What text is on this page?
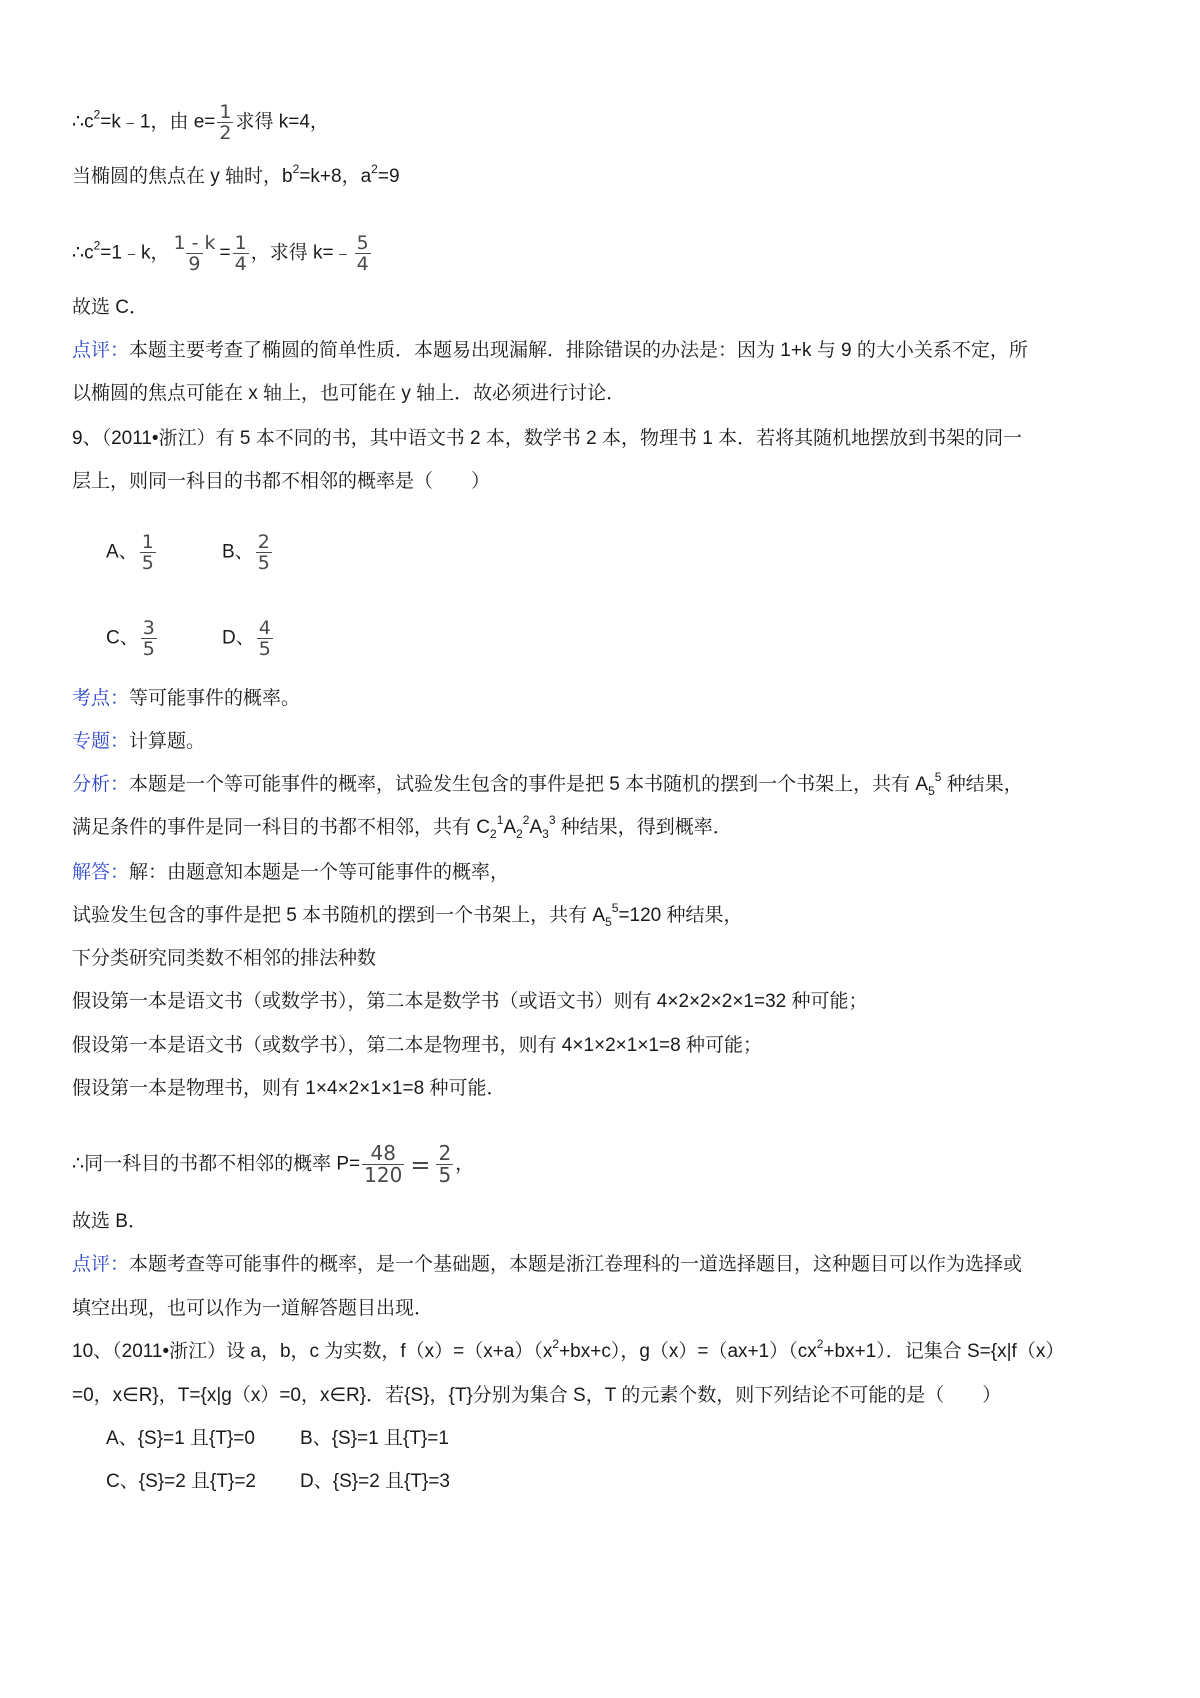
$\therefore c^2=k﹣1$，由 $e= \frac{1}{2}$ 求得 k=4，
当椭圆的焦点在 y 轴时，$b^2=k+8$，$a^2=9$
$\therefore c^2=1﹣k$， $\frac{1 - k}{9} = \frac{1}{4}$ ，求得 k=﹣ $\frac{5}{4}$
故选 C．
点评：本题主要考查了椭圆的简单性质．本题易出现漏解．排除错误的办法是：因为 1+k 与 9 的大小关系不定，所
以椭圆的焦点可能在 x 轴上，也可能在 y 轴上．故必须进行讨论．
9、（2011•浙江）有 5 本不同的书，其中语文书 2 本，数学书 2 本，物理书 1 本．若将其随机地摆放到书架的同一
层上，则同一科目的书都不相邻的概率是（　　）
A、 $\frac{1}{5}$	B、 $\frac{2}{5}$
C、 $\frac{3}{5}$	D、 $\frac{4}{5}$
考点：等可能事件的概率。
专题：计算题。
分析：本题是一个等可能事件的概率，试验发生包含的事件是把 5 本书随机的摆到一个书架上，共有 $A_5^5$ 种结果，
满足条件的事件是同一科目的书都不相邻，共有 $C_2^1A_2^2A_3^3$ 种结果，得到概率．
解答：解：由题意知本题是一个等可能事件的概率，
试验发生包含的事件是把 5 本书随机的摆到一个书架上，共有 $A_5^5=120$ 种结果，
下分类研究同类数不相邻的排法种数
假设第一本是语文书（或数学书），第二本是数学书（或语文书）则有 4×2×2×2×1=32 种可能；
假设第一本是语文书（或数学书），第二本是物理书，则有 4×1×2×1×1=8 种可能；
假设第一本是物理书，则有 1×4×2×1×1=8 种可能．
∴同一科目的书都不相邻的概率 $P= \frac{48}{120} = \frac{2}{5}$ ，
故选 B．
点评：本题考查等可能事件的概率，是一个基础题，本题是浙江卷理科的一道选择题目，这种题目可以作为选择或
填空出现，也可以作为一道解答题目出现．
10、（2011•浙江）设 a，b，c 为实数，$f(x)=(x+a)(x^2+bx+c)$，$g(x)=(ax+1)(cx^2+bx+1)$．记集合 S={x|f（x）
=0，x∈R}，T={x|g（x）=0，x∈R}．若{S}，{T}分别为集合 S，T 的元素个数，则下列结论不可能的是（　　）
A、{S}=1 且{T}=0 B、{S}=1 且{T}=1
C、{S}=2 且{T}=2 D、{S}=2 且{T}=3
